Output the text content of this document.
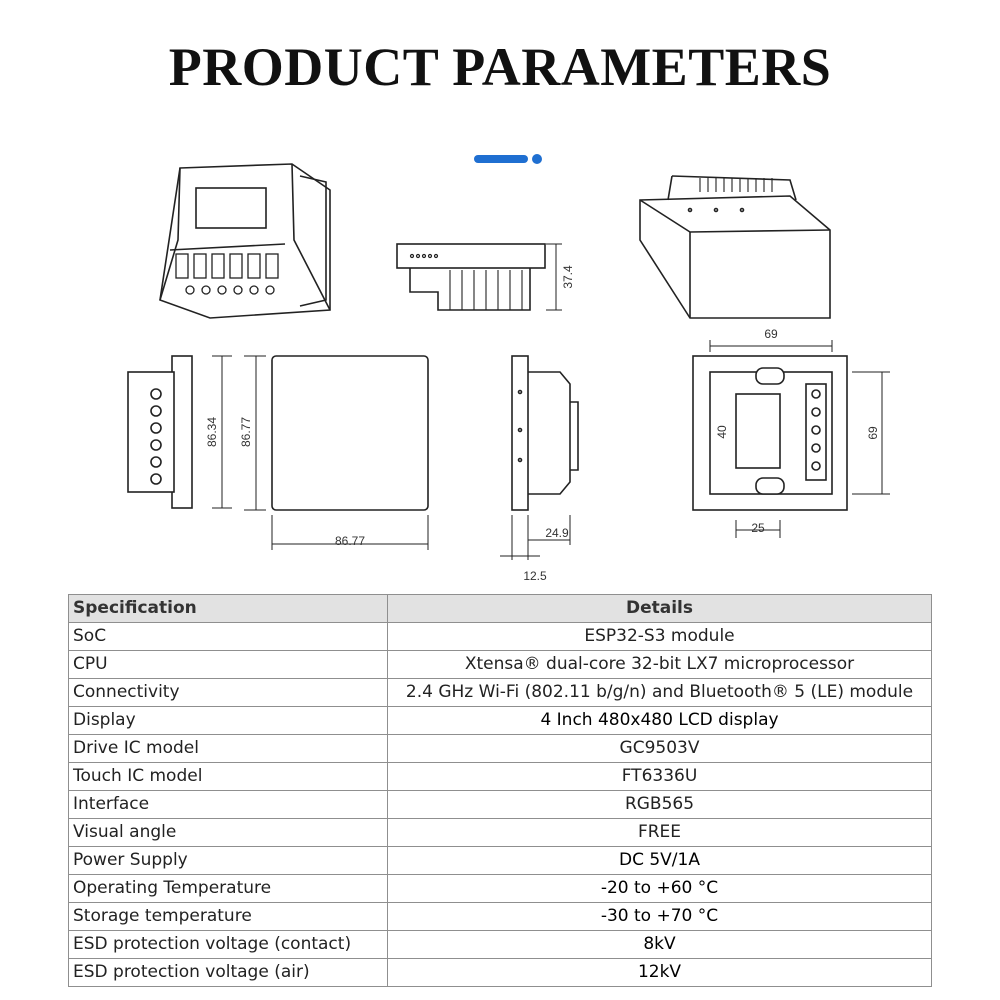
PRODUCT PARAMETERS
37.4
69
69
86.34 86.77
86.77
24.9
12.5
40
25
Specification	Details
SoC	ESP32-S3 module
CPU	Xtensa® dual-core 32-bit LX7 microprocessor
Connectivity	2.4 GHz Wi-Fi (802.11 b/g/n) and Bluetooth® 5 (LE) module
Display	4 Inch 480x480 LCD display
Drive IC model	GC9503V
Touch IC model	FT6336U
Interface	RGB565
Visual angle	FREE
Power Supply	DC 5V/1A
Operating Temperature	-20 to +60 °C
Storage temperature	-30 to +70 °C
ESD protection voltage (contact)	8kV
ESD protection voltage (air)	12kV
